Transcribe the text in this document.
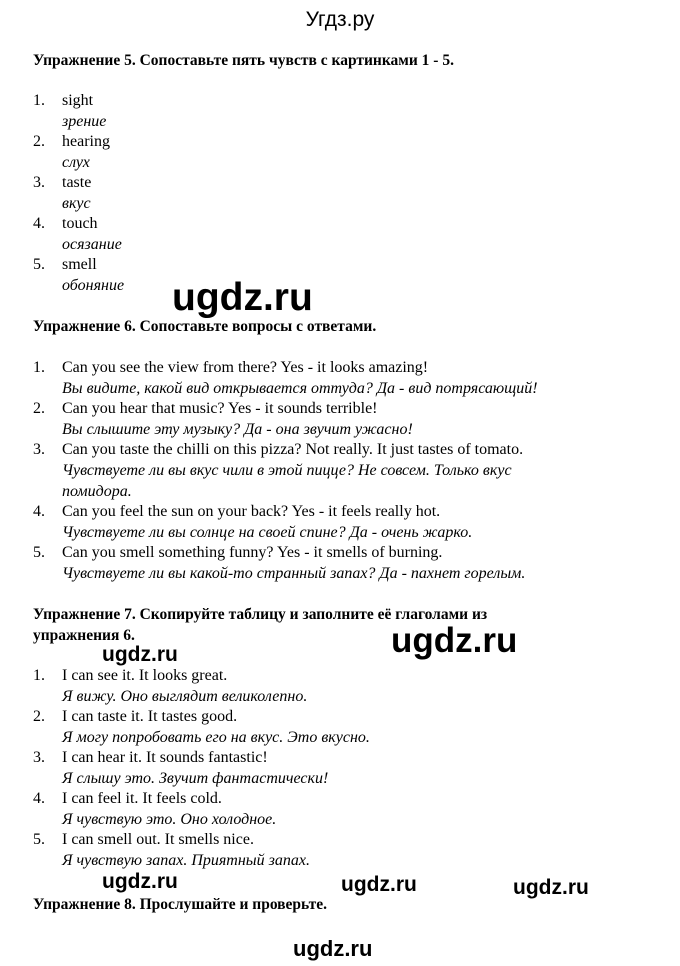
Угдз.ру
Упражнение 5. Сопоставьте пять чувств с картинками 1 - 5.
1. sight
зрение
2. hearing
слух
3. taste
вкус
4. touch
осязание
5. smell
обоняние ugdz.ru
Упражнение 6. Сопоставьте вопросы с ответами.
1. Can you see the view from there? Yes - it looks amazing!
Вы видите, какой вид открывается оттуда? Да - вид потрясающий!
2. Can you hear that music? Yes - it sounds terrible!
Вы слышите эту музыку? Да - она звучит ужасно!
3. Can you taste the chilli on this pizza? Not really. It just tastes of tomato.
Чувствуете ли вы вкус чили в этой пицце? Не совсем. Только вкус
помидора.
4. Can you feel the sun on your back? Yes - it feels really hot.
Чувствуете ли вы солнце на своей спине? Да - очень жарко.
5. Can you smell something funny? Yes - it smells of burning.
Чувствуете ли вы какой-то странный запах? Да - пахнет горелым.
Упражнение 7. Скопируйте таблицу и заполните её глаголами из
упражнения 6.
ugdz.ru	ugdz.ru
1. I can see it. It looks great.
Я вижу. Оно выглядит великолепно.
2. I can taste it. It tastes good.
Я могу попробовать его на вкус. Это вкусно.
3. I can hear it. It sounds fantastic!
Я слышу это. Звучит фантастически!
4. I can feel it. It feels cold.
Я чувствую это. Оно холодное.
5. I can smell out. It smells nice.
Я чувствую запах. Приятный запах.
ugdz.ru	ugdz.ru	ugdz.ru
Упражнение 8. Прослушайте и проверьте.
ugdz.ru
